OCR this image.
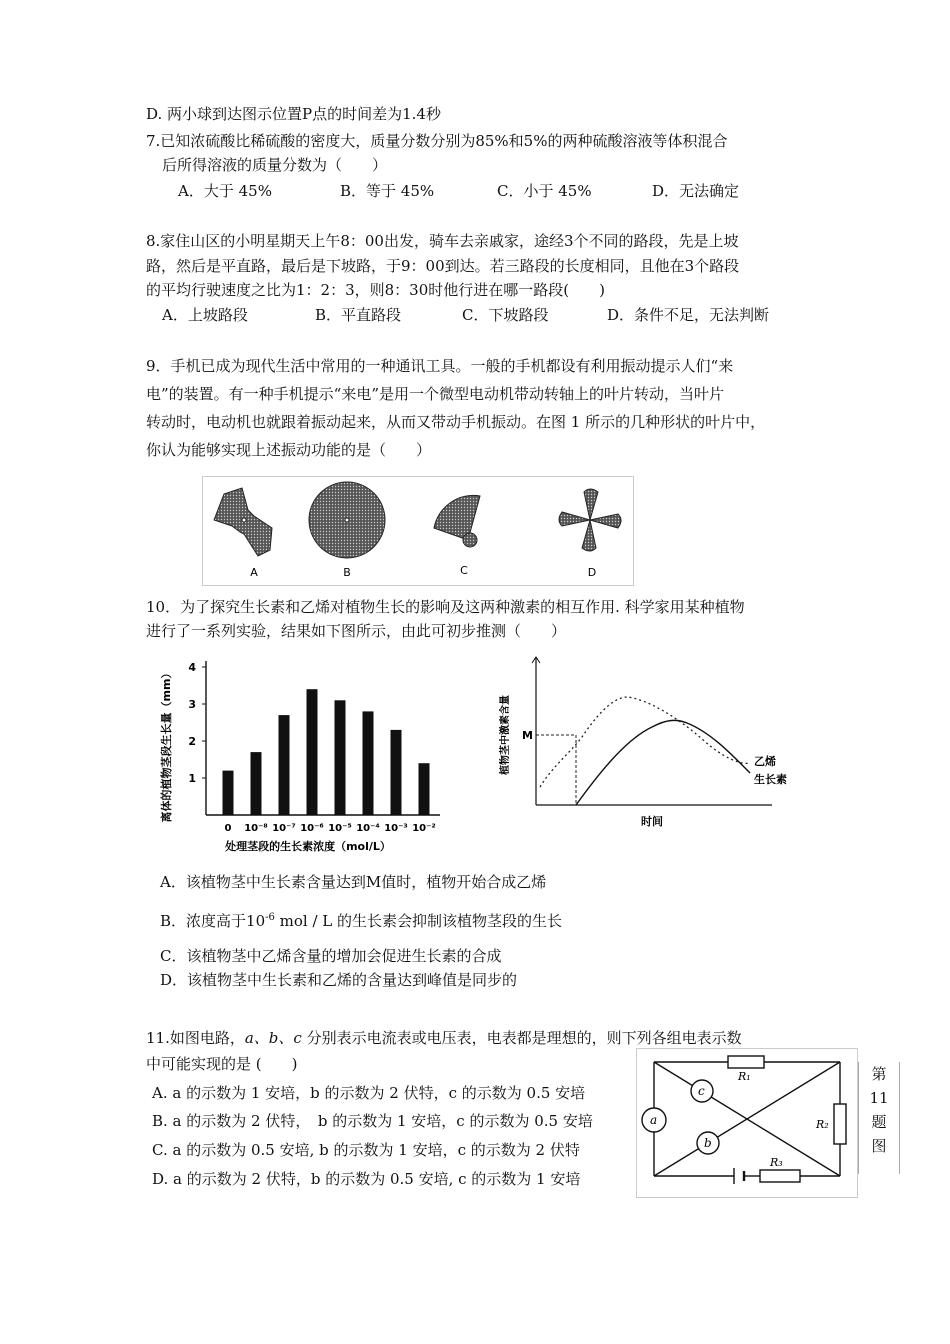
D. 两小球到达图示位置P点的时间差为1.4秒
7.已知浓硫酸比稀硫酸的密度大，质量分数分别为85%和5%的两种硫酸溶液等体积混合
后所得溶液的质量分数为（　　）
A．大于 45%	B．等于 45%	C．小于 45%	D．无法确定
8.家住山区的小明星期天上午8：00出发，骑车去亲戚家，途经3个不同的路段，先是上坡
路，然后是平直路，最后是下坡路，于9：00到达。若三路段的长度相同，且他在3个路段
的平均行驶速度之比为1：2：3，则8：30时他行进在哪一路段(　　)
A．上坡路段	B．平直路段	C．下坡路段	D．条件不足，无法判断
9．手机已成为现代生活中常用的一种通讯工具。一般的手机都设有利用振动提示人们“来
电”的装置。有一种手机提示“来电”是用一个微型电动机带动转轴上的叶片转动，当叶片
转动时，电动机也就跟着振动起来，从而又带动手机振动。在图 1 所示的几种形状的叶片中，
你认为能够实现上述振动功能的是（　　）
A	B	C	D
10．为了探究生长素和乙烯对植物生长的影响及这两种激素的相互作用. 科学家用某种植物
进行了一系列实验，结果如下图所示，由此可初步推测（　　）
1
2
3
4
0 10⁻⁸ 10⁻⁷ 10⁻⁶ 10⁻⁵ 10⁻⁴ 10⁻³ 10⁻²
处理茎段的生长素浓度（mol/L）
离体的植物茎段生长量（mm）	M
乙烯
生长素
时间
植物茎中激素含量
A．该植物茎中生长素含量达到M值时，植物开始合成乙烯
B．浓度高于$10^{-6}$ mol / L 的生长素会抑制该植物茎段的生长
C．该植物茎中乙烯含量的增加会促进生长素的合成
D．该植物茎中生长素和乙烯的含量达到峰值是同步的
11.如图电路，a、b、c 分别表示电流表或电压表，电表都是理想的，则下列各组电表示数
中可能实现的是 (　　)
A. a 的示数为 1 安培，b 的示数为 2 伏特，c 的示数为 0.5 安培
B. a 的示数为 2 伏特，　b 的示数为 1 安培，c 的示数为 0.5 安培
C. a 的示数为 0.5 安培, b 的示数为 1 安培，c 的示数为 2 伏特
D. a 的示数为 2 伏特，b 的示数为 0.5 安培, c 的示数为 1 安培
a
c
b
R₁
R₂
R₃
第
11
题
图
